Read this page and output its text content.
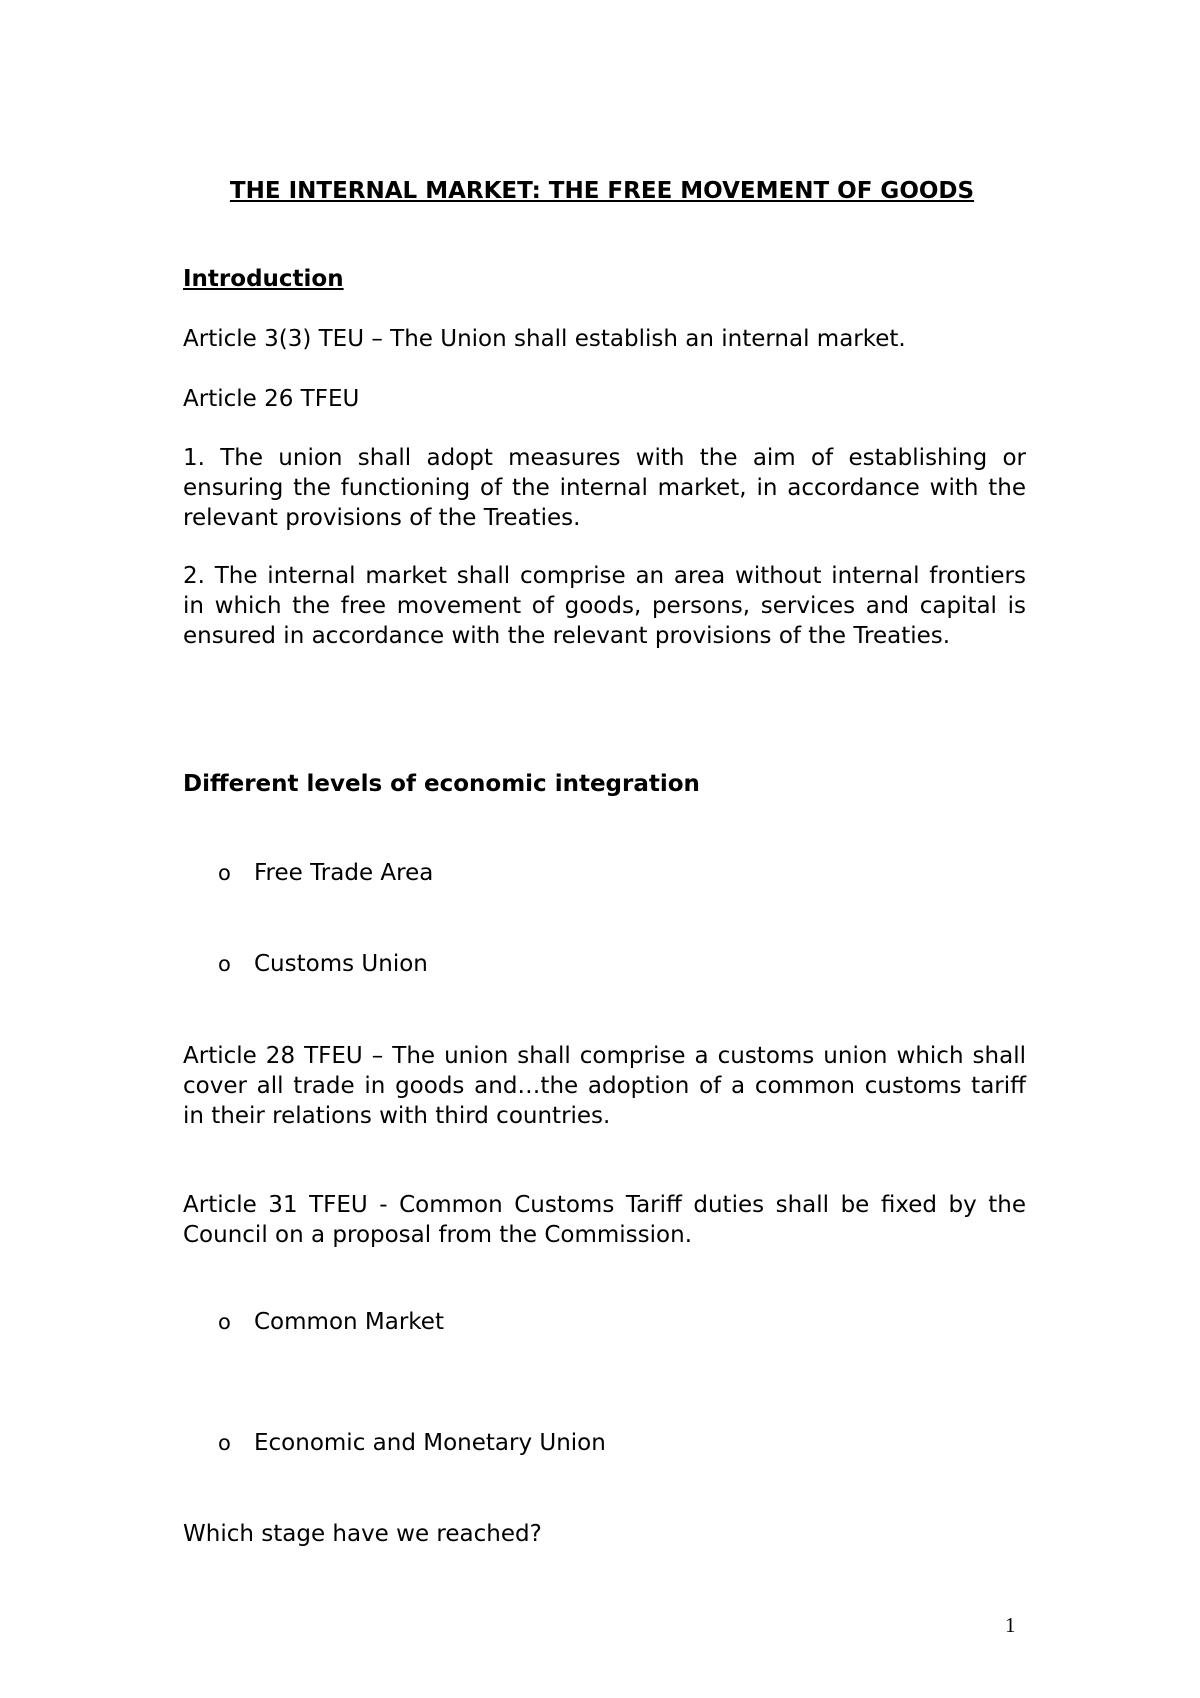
THE INTERNAL MARKET: THE FREE MOVEMENT OF GOODS
Introduction
Article 3(3) TEU – The Union shall establish an internal market.
Article 26 TFEU
1. The union shall adopt measures with the aim of establishing or ensuring the functioning of the internal market, in accordance with the relevant provisions of the Treaties.
2. The internal market shall comprise an area without internal frontiers in which the free movement of goods, persons, services and capital is ensured in accordance with the relevant provisions of the Treaties.
Different levels of economic integration
o	Free Trade Area
o	Customs Union
Article 28 TFEU – The union shall comprise a customs union which shall cover all trade in goods and…the adoption of a common customs tariff in their relations with third countries.
Article 31 TFEU - Common Customs Tariff duties shall be fixed by the Council on a proposal from the Commission.
o	Common Market
o	Economic and Monetary Union
Which stage have we reached?
1
